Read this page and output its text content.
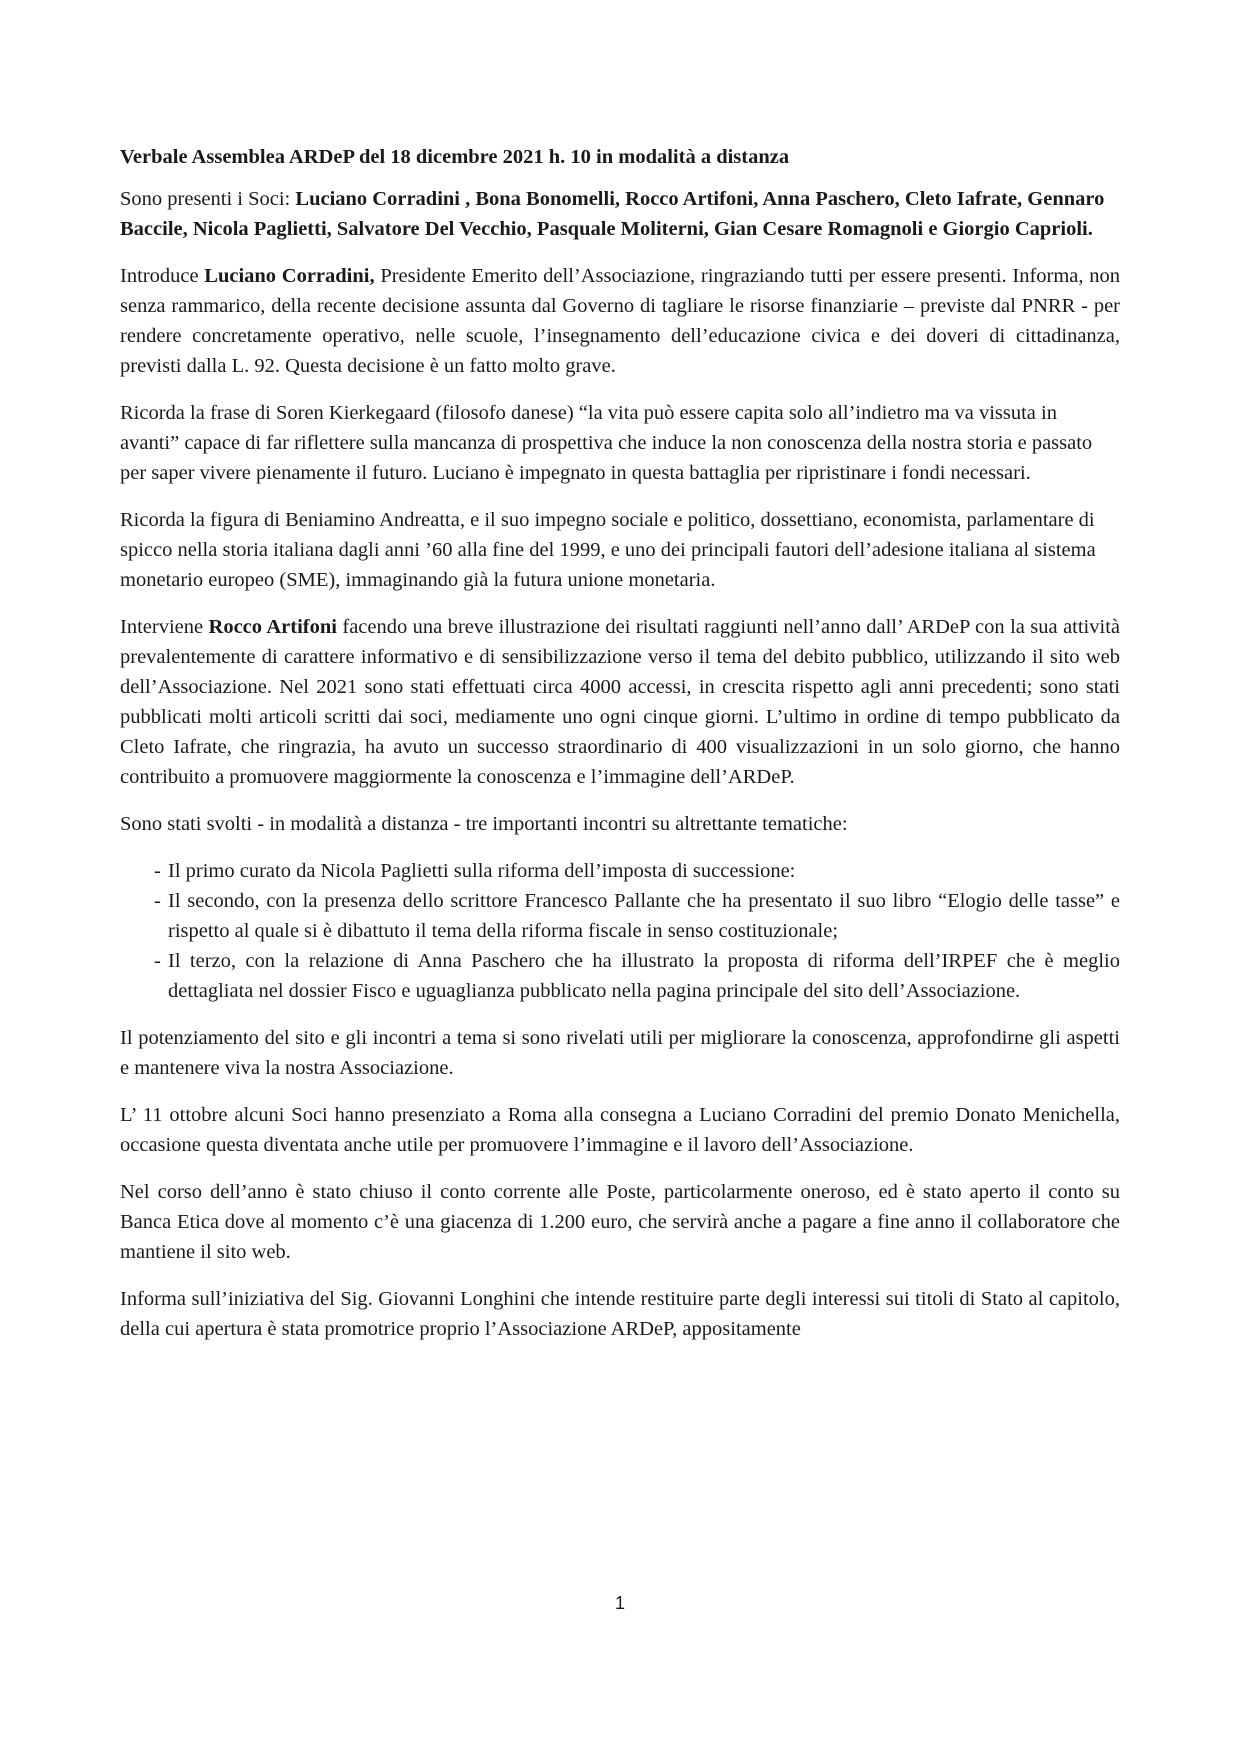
Verbale Assemblea ARDeP del 18 dicembre 2021 h. 10 in modalità a distanza

Sono presenti i Soci: Luciano Corradini , Bona Bonomelli, Rocco Artifoni, Anna Paschero, Cleto Iafrate, Gennaro Baccile, Nicola Paglietti, Salvatore Del Vecchio, Pasquale Moliterni, Gian Cesare Romagnoli e Giorgio Caprioli.

Introduce Luciano Corradini, Presidente Emerito dell’Associazione, ringraziando tutti per essere presenti. Informa, non senza rammarico, della recente decisione assunta dal Governo di tagliare le risorse finanziarie – previste dal PNRR - per rendere concretamente operativo, nelle scuole, l’insegnamento dell’educazione civica e dei doveri di cittadinanza, previsti dalla L. 92. Questa decisione è un fatto molto grave.

Ricorda la frase di Soren Kierkegaard (filosofo danese) “la vita può essere capita solo all’indietro ma va vissuta in avanti” capace di far riflettere sulla mancanza di prospettiva che induce la non conoscenza della nostra storia e passato per saper vivere pienamente il futuro. Luciano è impegnato in questa battaglia per ripristinare i fondi necessari.

Ricorda la figura di Beniamino Andreatta, e il suo impegno sociale e politico, dossettiano, economista, parlamentare di spicco nella storia italiana dagli anni ’60 alla fine del 1999, e uno dei principali fautori dell’adesione italiana al sistema monetario europeo (SME), immaginando già la futura unione monetaria.

Interviene Rocco Artifoni facendo una breve illustrazione dei risultati raggiunti nell’anno dall’ ARDeP con la sua attività prevalentemente di carattere informativo e di sensibilizzazione verso il tema del debito pubblico, utilizzando il sito web dell’Associazione. Nel 2021 sono stati effettuati circa 4000 accessi, in crescita rispetto agli anni precedenti; sono stati pubblicati molti articoli scritti dai soci, mediamente uno ogni cinque giorni. L’ultimo in ordine di tempo pubblicato da Cleto Iafrate, che ringrazia, ha avuto un successo straordinario di 400 visualizzazioni in un solo giorno, che hanno contribuito a promuovere maggiormente la conoscenza e l’immagine dell’ARDeP.

Sono stati svolti - in modalità a distanza - tre importanti incontri su altrettante tematiche:

- Il primo curato da Nicola Paglietti sulla riforma dell’imposta di successione:
- Il secondo, con la presenza dello scrittore Francesco Pallante che ha presentato il suo libro “Elogio delle tasse” e rispetto al quale si è dibattuto il tema della riforma fiscale in senso costituzionale;
- Il terzo, con la relazione di Anna Paschero che ha illustrato la proposta di riforma dell’IRPEF che è meglio dettagliata nel dossier Fisco e uguaglianza pubblicato nella pagina principale del sito dell’Associazione.

Il potenziamento del sito e gli incontri a tema si sono rivelati utili per migliorare la conoscenza, approfondirne gli aspetti e mantenere viva la nostra Associazione.

L’ 11 ottobre alcuni Soci hanno presenziato a Roma alla consegna a Luciano Corradini del premio Donato Menichella, occasione questa diventata anche utile per promuovere l’immagine e il lavoro dell’Associazione.

Nel corso dell’anno è stato chiuso il conto corrente alle Poste, particolarmente oneroso, ed è stato aperto il conto su Banca Etica dove al momento c’è una giacenza di 1.200 euro, che servirà anche a pagare a fine anno il collaboratore che mantiene il sito web.

Informa sull’iniziativa del Sig. Giovanni Longhini che intende restituire parte degli interessi sui titoli di Stato al capitolo, della cui apertura è stata promotrice proprio l’Associazione ARDeP, appositamente

1
